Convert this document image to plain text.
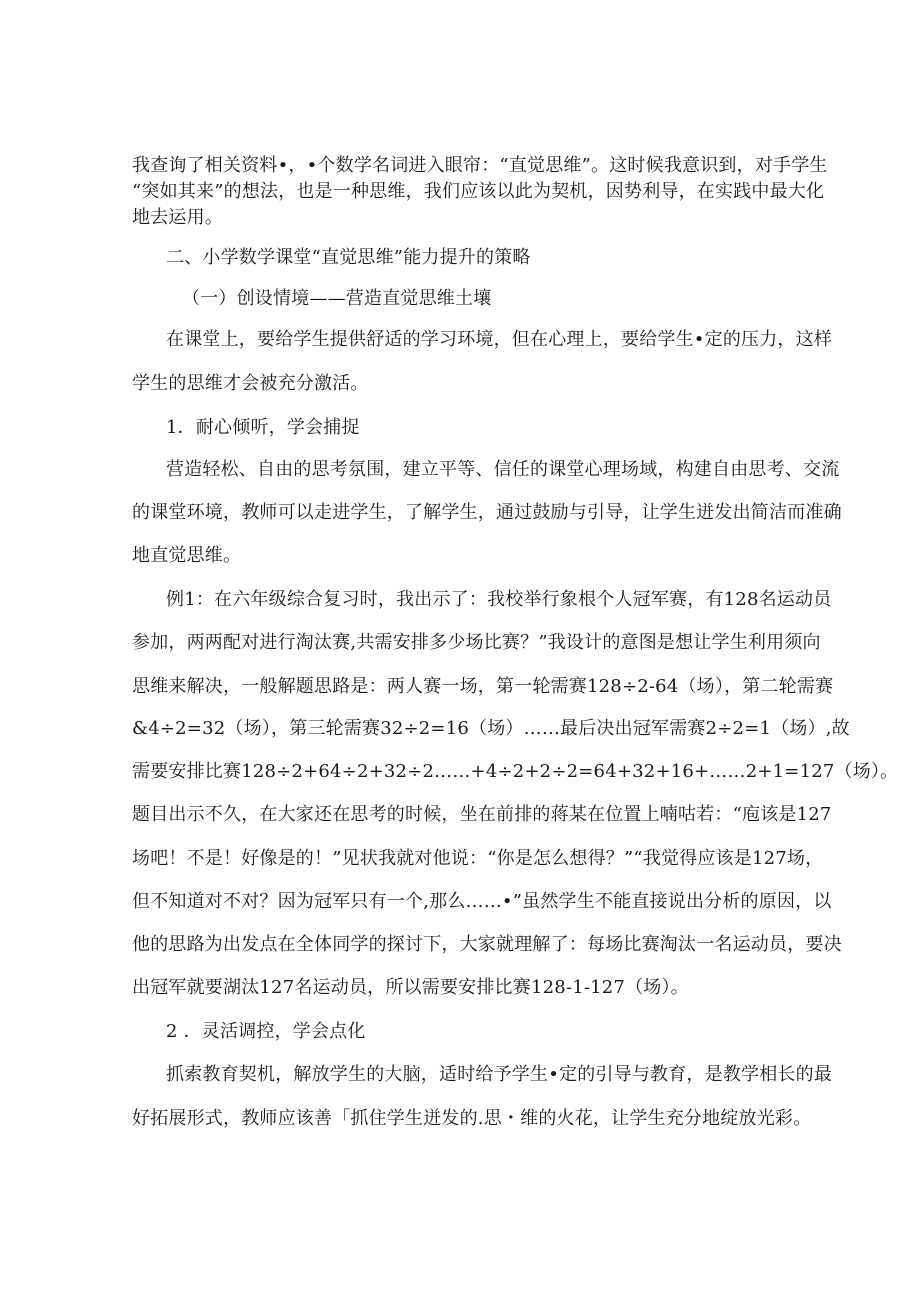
我查询了相关资料•，•个数学名词进入眼帘：“直觉思维”。这时候我意识到，对手学生
“突如其来”的想法，也是一种思维，我们应该以此为契机，因势利导，在实践中最大化
地去运用。
二、小学数学课堂“直觉思维”能力提升的策略
（一）创设情境——营造直觉思维土壤
在课堂上，要给学生提供舒适的学习环境，但在心理上，要给学生•定的压力，这样
学生的思维才会被充分激活。
1．耐心倾听，学会捕捉
营造轻松、自由的思考氛围，建立平等、信任的课堂心理场域，构建自由思考、交流
的课堂环境，教师可以走进学生，了解学生，通过鼓励与引导，让学生迸发出简洁而准确
地直觉思维。
例1：在六年级综合复习时，我出示了：我校举行象根个人冠军赛，有128名运动员
参加，两两配对进行淘汰赛,共需安排多少场比赛？”我设计的意图是想让学生利用须向
思维来解决，一般解题思路是：两人赛一场，第一轮需赛128÷2-64（场），第二轮需赛
&4÷2=32（场），第三轮需赛32÷2=16（场）……最后决出冠军需赛2÷2=1（场）,故
需要安排比赛128÷2+64÷2+32÷2……+4÷2+2÷2=64+32+16+……2+1=127（场）。
题目出示不久，在大家还在思考的时候，坐在前排的蒋某在位置上喃咕若：“庖该是127
场吧！不是！好像是的！”见状我就对他说：“你是怎么想得？”“我觉得应该是127场，
但不知道对不对？因为冠军只有一个,那么……•”虽然学生不能直接说出分析的原因，以
他的思路为出发点在全体同学的探讨下，大家就理解了：每场比赛淘汰一名运动员，要决
出冠军就要湖汰127名运动员，所以需要安排比赛128-1-127（场）。
2 ．灵活调控，学会点化
抓索教育契机，解放学生的大脑，适时给予学生•定的引导与教育，是教学相长的最
好拓展形式，教师应该善「抓住学生迸发的.思・维的火花，让学生充分地绽放光彩。
